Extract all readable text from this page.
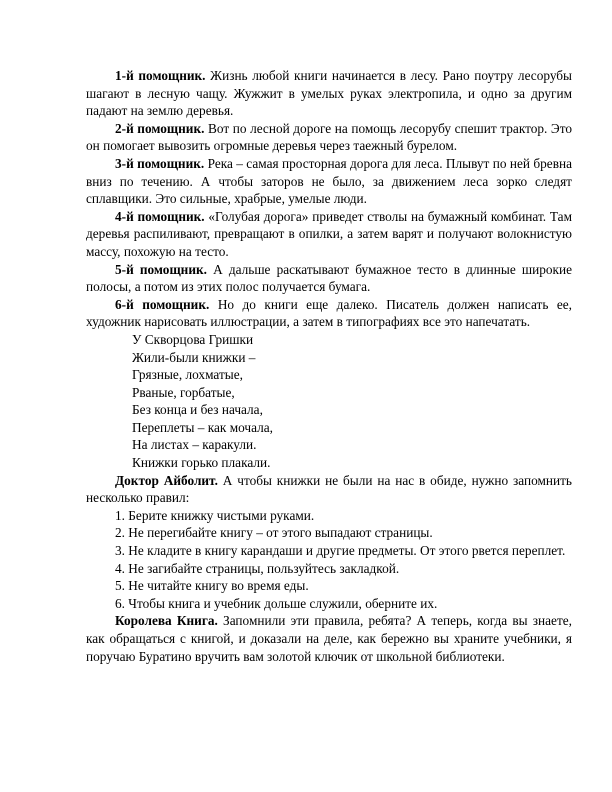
1-й помощник. Жизнь любой книги начинается в лесу. Рано поутру лесорубы шагают в лесную чащу. Жужжит в умелых руках электропила, и одно за другим падают на землю деревья.

2-й помощник. Вот по лесной дороге на помощь лесорубу спешит трактор. Это он помогает вывозить огромные деревья через таежный бурелом.

3-й помощник. Река – самая просторная дорога для леса. Плывут по ней бревна вниз по течению. А чтобы заторов не было, за движением леса зорко следят сплавщики. Это сильные, храбрые, умелые люди.

4-й помощник. «Голубая дорога» приведет стволы на бумажный комбинат. Там деревья распиливают, превращают в опилки, а затем варят и получают волокнистую массу, похожую на тесто.

5-й помощник. А дальше раскатывают бумажное тесто в длинные широкие полосы, а потом из этих полос получается бумага.

6-й помощник. Но до книги еще далеко. Писатель должен написать ее, художник нарисовать иллюстрации, а затем в типографиях все это напечатать.

У Скворцова Гришки
Жили-были книжки –
Грязные, лохматые,
Рваные, горбатые,
Без конца и без начала,
Переплеты – как мочала,
На листах – каракули.
Книжки горько плакали.

Доктор Айболит. А чтобы книжки не были на нас в обиде, нужно запомнить несколько правил:

1. Берите книжку чистыми руками.

2. Не перегибайте книгу – от этого выпадают страницы.

3. Не кладите в книгу карандаши и другие предметы. От этого рвется переплет.

4. Не загибайте страницы, пользуйтесь закладкой.

5. Не читайте книгу во время еды.

6. Чтобы книга и учебник дольше служили, оберните их.

Королева Книга. Запомнили эти правила, ребята? А теперь, когда вы знаете, как обращаться с книгой, и доказали на деле, как бережно вы храните учебники, я поручаю Буратино вручить вам золотой ключик от школьной библиотеки.
